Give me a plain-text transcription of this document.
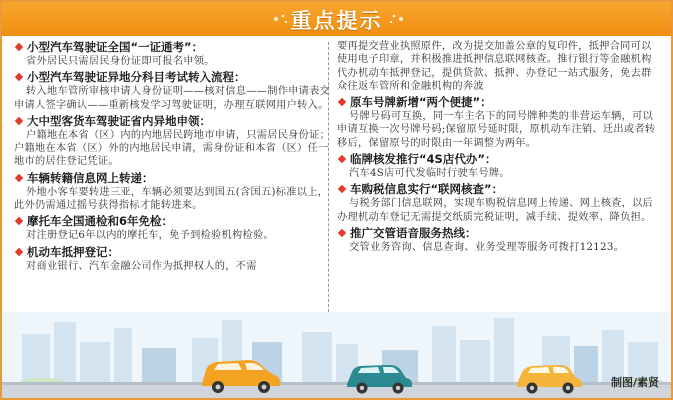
重点提示
小型汽车驾驶证全国“一证通考”：
省外居民只需居民身份证即可报名申领。
小型汽车驾驶证异地分科目考试转入流程：
转入地车管所审核申请人身份证明——核对信息——制作申请表交申请人签字确认——重新核发学习驾驶证明，办理互联网用户转入。
大中型客货车驾驶证省内异地申领：
户籍地在本省（区）内的内地居民跨地市申请，只需居民身份证；户籍地在本省（区）外的内地居民申请，需身份证和本省（区）任一地市的居住登记凭证。
车辆转籍信息网上转递：
外地小客车要转进三亚，车辆必须要达到国五(含国五)标准以上，此外仍需通过摇号获得指标才能转进来。
摩托车全国通检和6年免检：
对注册登记6年以内的摩托车，免予到检验机构检验。
机动车抵押登记：
对商业银行、汽车金融公司作为抵押权人的，不需
要再提交营业执照原件，改为提交加盖公章的复印件，抵押合同可以使用电子印章，并积极推进抵押信息联网核查。推行银行等金融机构代办机动车抵押登记，提供贷款、抵押、办登记一站式服务，免去群众往返车管所和金融机构的奔波
原车号牌新增“两个便捷”：
号牌号码可互换，同一车主名下的同号牌种类的非营运车辆，可以申请互换一次号牌号码;保留原号延时限，原机动车注销、迁出或者转移后，保留原号的时限由一年调整为两年。
临牌核发推行“4S店代办”：
汽车4S店可代发临时行驶车号牌。
车购税信息实行“联网核查”：
与税务部门信息联网，实现车购税信息网上传递、网上核查，以后办理机动车登记无需提交纸质完税证明，减手续、提效率、降负担。
推广交管语音服务热线：
交管业务咨询、信息查询、业务受理等服务可拨打12123。
制图/素贤
